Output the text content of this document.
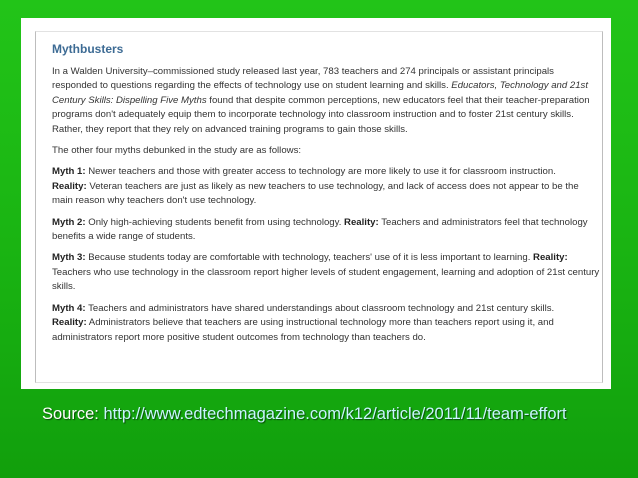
Mythbusters

In a Walden University–commissioned study released last year, 783 teachers and 274 principals or assistant principals responded to questions regarding the effects of technology use on student learning and skills. Educators, Technology and 21st Century Skills: Dispelling Five Myths found that despite common perceptions, new educators feel that their teacher-preparation programs don't adequately equip them to incorporate technology into classroom instruction and to foster 21st century skills. Rather, they report that they rely on advanced training programs to gain those skills.

The other four myths debunked in the study are as follows:

Myth 1: Newer teachers and those with greater access to technology are more likely to use it for classroom instruction.
Reality: Veteran teachers are just as likely as new teachers to use technology, and lack of access does not appear to be the main reason why teachers don't use technology.

Myth 2: Only high-achieving students benefit from using technology. Reality: Teachers and administrators feel that technology benefits a wide range of students.

Myth 3: Because students today are comfortable with technology, teachers' use of it is less important to learning. Reality: Teachers who use technology in the classroom report higher levels of student engagement, learning and adoption of 21st century skills.

Myth 4: Teachers and administrators have shared understandings about classroom technology and 21st century skills.
Reality: Administrators believe that teachers are using instructional technology more than teachers report using it, and administrators report more positive student outcomes from technology than teachers do.

Source: http://www.edtechmagazine.com/k12/article/2011/11/team-effort
